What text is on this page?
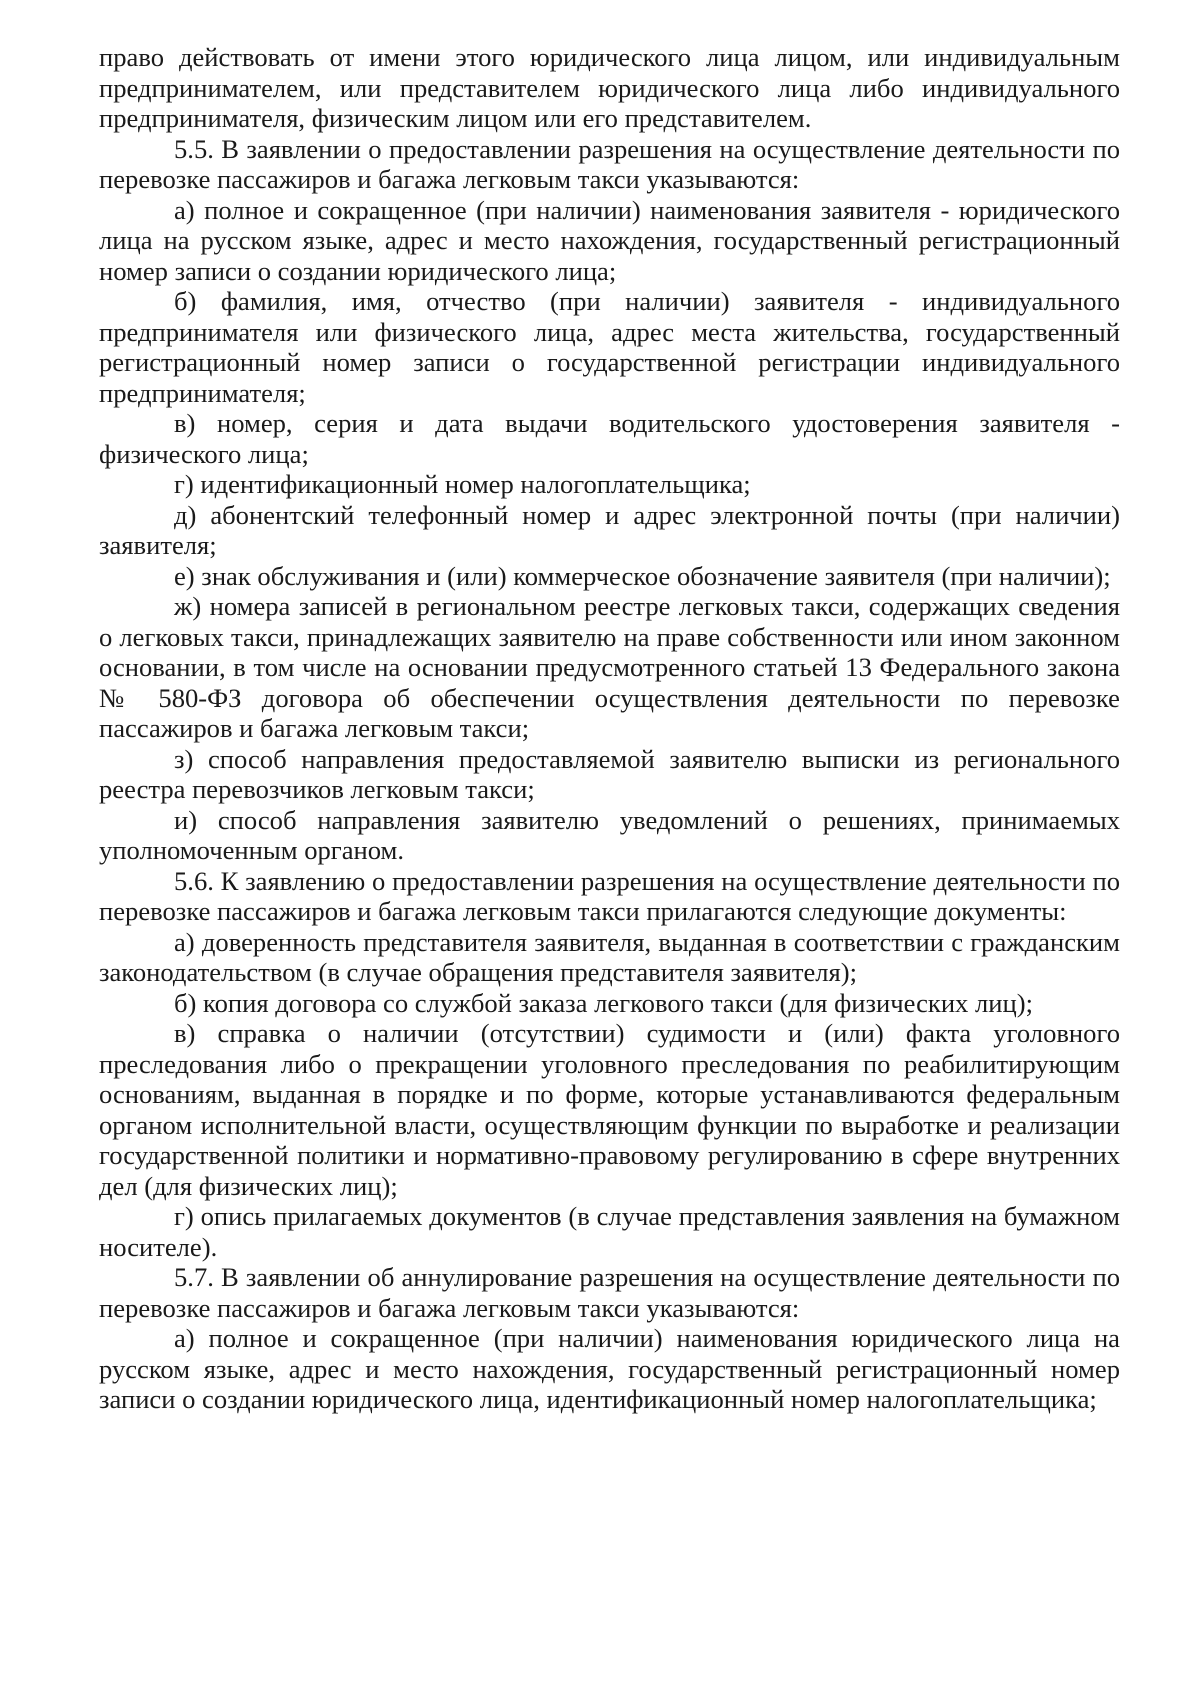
право действовать от имени этого юридического лица лицом, или индивидуальным предпринимателем, или представителем юридического лица либо индивидуального предпринимателя, физическим лицом или его представителем.

5.5. В заявлении о предоставлении разрешения на осуществление деятельности по перевозке пассажиров и багажа легковым такси указываются:

а) полное и сокращенное (при наличии) наименования заявителя - юридического лица на русском языке, адрес и место нахождения, государственный регистрационный номер записи о создании юридического лица;

б) фамилия, имя, отчество (при наличии) заявителя - индивидуального предпринимателя или физического лица, адрес места жительства, государственный регистрационный номер записи о государственной регистрации индивидуального предпринимателя;

в) номер, серия и дата выдачи водительского удостоверения заявителя - физического лица;

г) идентификационный номер налогоплательщика;

д) абонентский телефонный номер и адрес электронной почты (при наличии) заявителя;

е) знак обслуживания и (или) коммерческое обозначение заявителя (при наличии);

ж) номера записей в региональном реестре легковых такси, содержащих сведения о легковых такси, принадлежащих заявителю на праве собственности или ином законном основании, в том числе на основании предусмотренного статьей 13 Федерального закона № 580-ФЗ договора об обеспечении осуществления деятельности по перевозке пассажиров и багажа легковым такси;

з) способ направления предоставляемой заявителю выписки из регионального реестра перевозчиков легковым такси;

и) способ направления заявителю уведомлений о решениях, принимаемых уполномоченным органом.

5.6. К заявлению о предоставлении разрешения на осуществление деятельности по перевозке пассажиров и багажа легковым такси прилагаются следующие документы:

а) доверенность представителя заявителя, выданная в соответствии с гражданским законодательством (в случае обращения представителя заявителя);

б) копия договора со службой заказа легкового такси (для физических лиц);

в) справка о наличии (отсутствии) судимости и (или) факта уголовного преследования либо о прекращении уголовного преследования по реабилитирующим основаниям, выданная в порядке и по форме, которые устанавливаются федеральным органом исполнительной власти, осуществляющим функции по выработке и реализации государственной политики и нормативно-правовому регулированию в сфере внутренних дел (для физических лиц);

г) опись прилагаемых документов (в случае представления заявления на бумажном носителе).

5.7. В заявлении об аннулирование разрешения на осуществление деятельности по перевозке пассажиров и багажа легковым такси указываются:

а) полное и сокращенное (при наличии) наименования юридического лица на русском языке, адрес и место нахождения, государственный регистрационный номер записи о создании юридического лица, идентификационный номер налогоплательщика;
